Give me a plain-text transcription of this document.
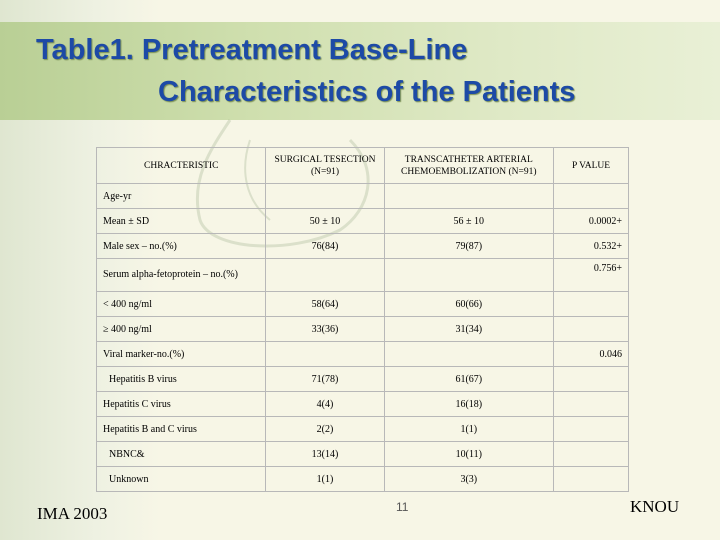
Table1. Pretreatment Base-Line
Characteristics of the Patients
CHRACTERISTIC	SURGICAL TESECTION (N=91)	TRANSCATHETER ARTERIAL CHEMOEMBOLIZATION (N=91)	P VALUE
Age-yr			
Mean ± SD	50 ± 10	56 ± 10	0.0002+
Male sex – no.(%)	76(84)	79(87)	0.532+
Serum alpha-fetoprotein – no.(%)			0.756+
< 400 ng/ml	58(64)	60(66)	
≥ 400 ng/ml	33(36)	31(34)	
Viral marker-no.(%)			0.046
Hepatitis B virus	71(78)	61(67)	
Hepatitis C virus	4(4)	16(18)	
Hepatitis B and C virus	2(2)	1(1)	
NBNC&	13(14)	10(11)	
Unknown	1(1)	3(3)	
IMA 2003	11	KNOU
